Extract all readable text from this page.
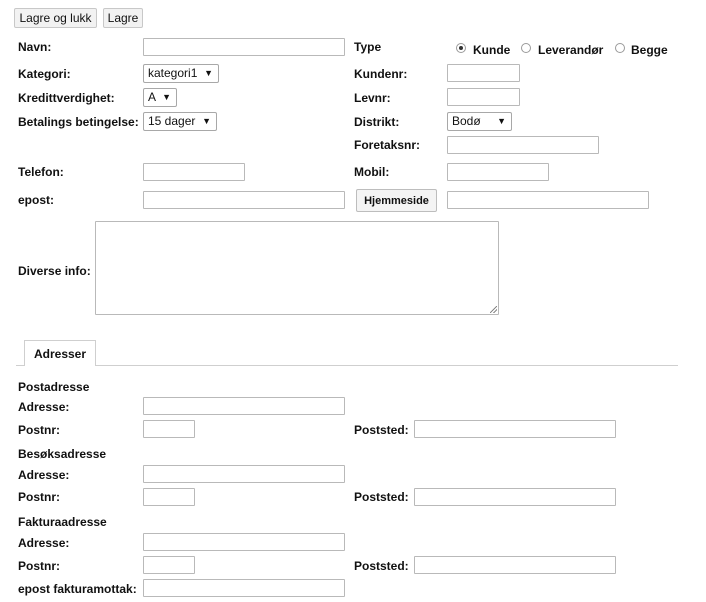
Lagre og lukk	Lagre
Navn:	Type	Kunde Leverandør Begge
Kategori:	kategori1 ▼	Kundenr:
Kredittverdighet:	A ▼	Levnr:
Betalings betingelse: 15 dager ▼	Distrikt:	Bodø ▼
Foretaksnr:
Telefon:	Mobil:
epost:	Hjemmeside
Diverse info:
Adresser
Postadresse
Adresse:
Postnr:	Poststed:
Besøksadresse
Adresse:
Postnr:	Poststed:
Fakturaadresse
Adresse:
Postnr:	Poststed:
epost fakturamottak:
